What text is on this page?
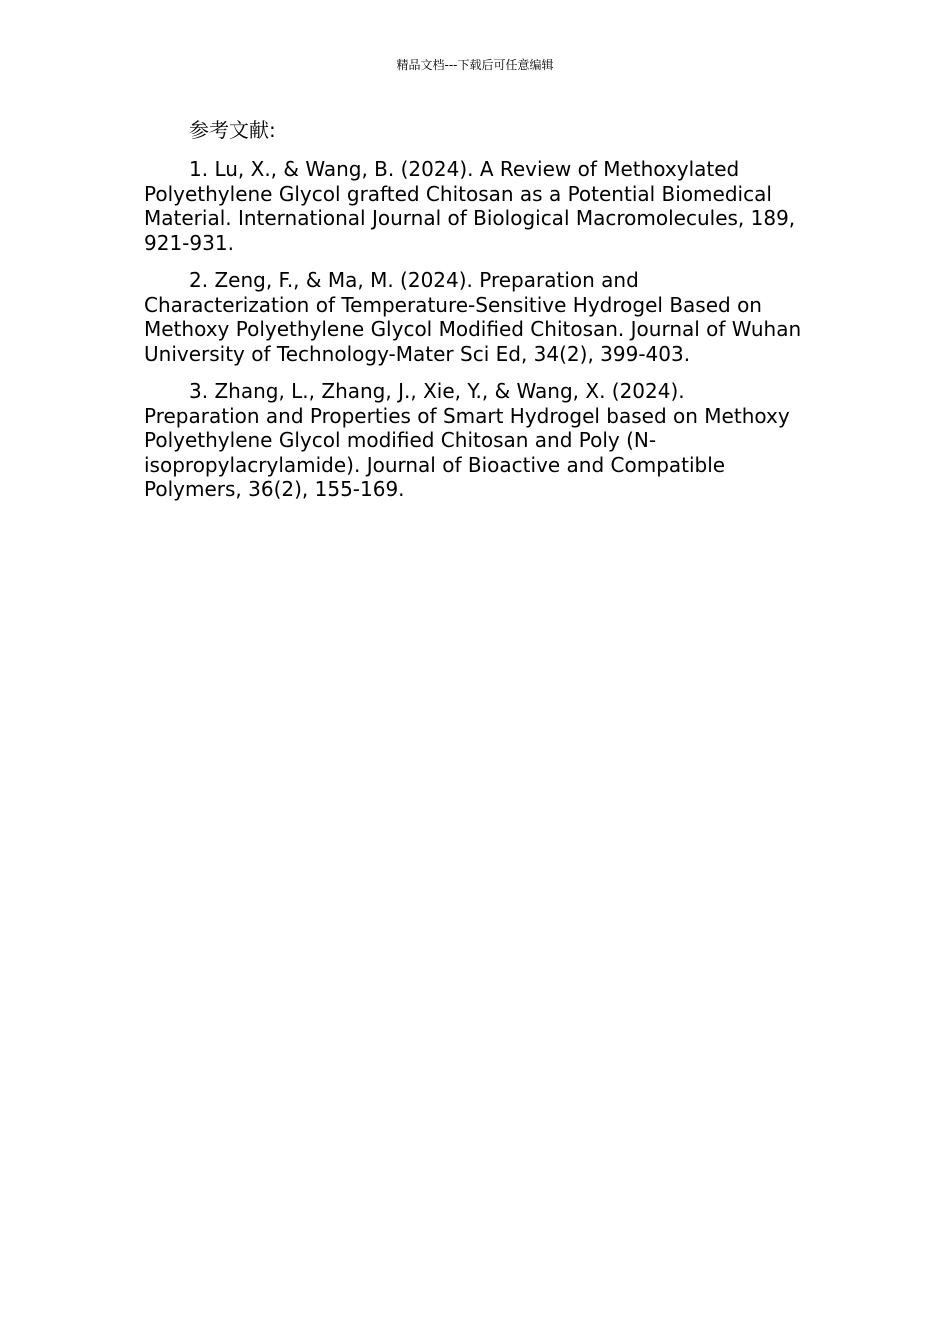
精品文档---下载后可任意编辑
参考文献:

1. Lu, X., & Wang, B. (2024). A Review of Methoxylated Polyethylene Glycol grafted Chitosan as a Potential Biomedical Material. International Journal of Biological Macromolecules, 189, 921-931.

2. Zeng, F., & Ma, M. (2024). Preparation and Characterization of Temperature-Sensitive Hydrogel Based on Methoxy Polyethylene Glycol Modified Chitosan. Journal of Wuhan University of Technology-Mater Sci Ed, 34(2), 399-403.

3. Zhang, L., Zhang, J., Xie, Y., & Wang, X. (2024). Preparation and Properties of Smart Hydrogel based on Methoxy Polyethylene Glycol modified Chitosan and Poly (N-isopropylacrylamide). Journal of Bioactive and Compatible Polymers, 36(2), 155-169.
